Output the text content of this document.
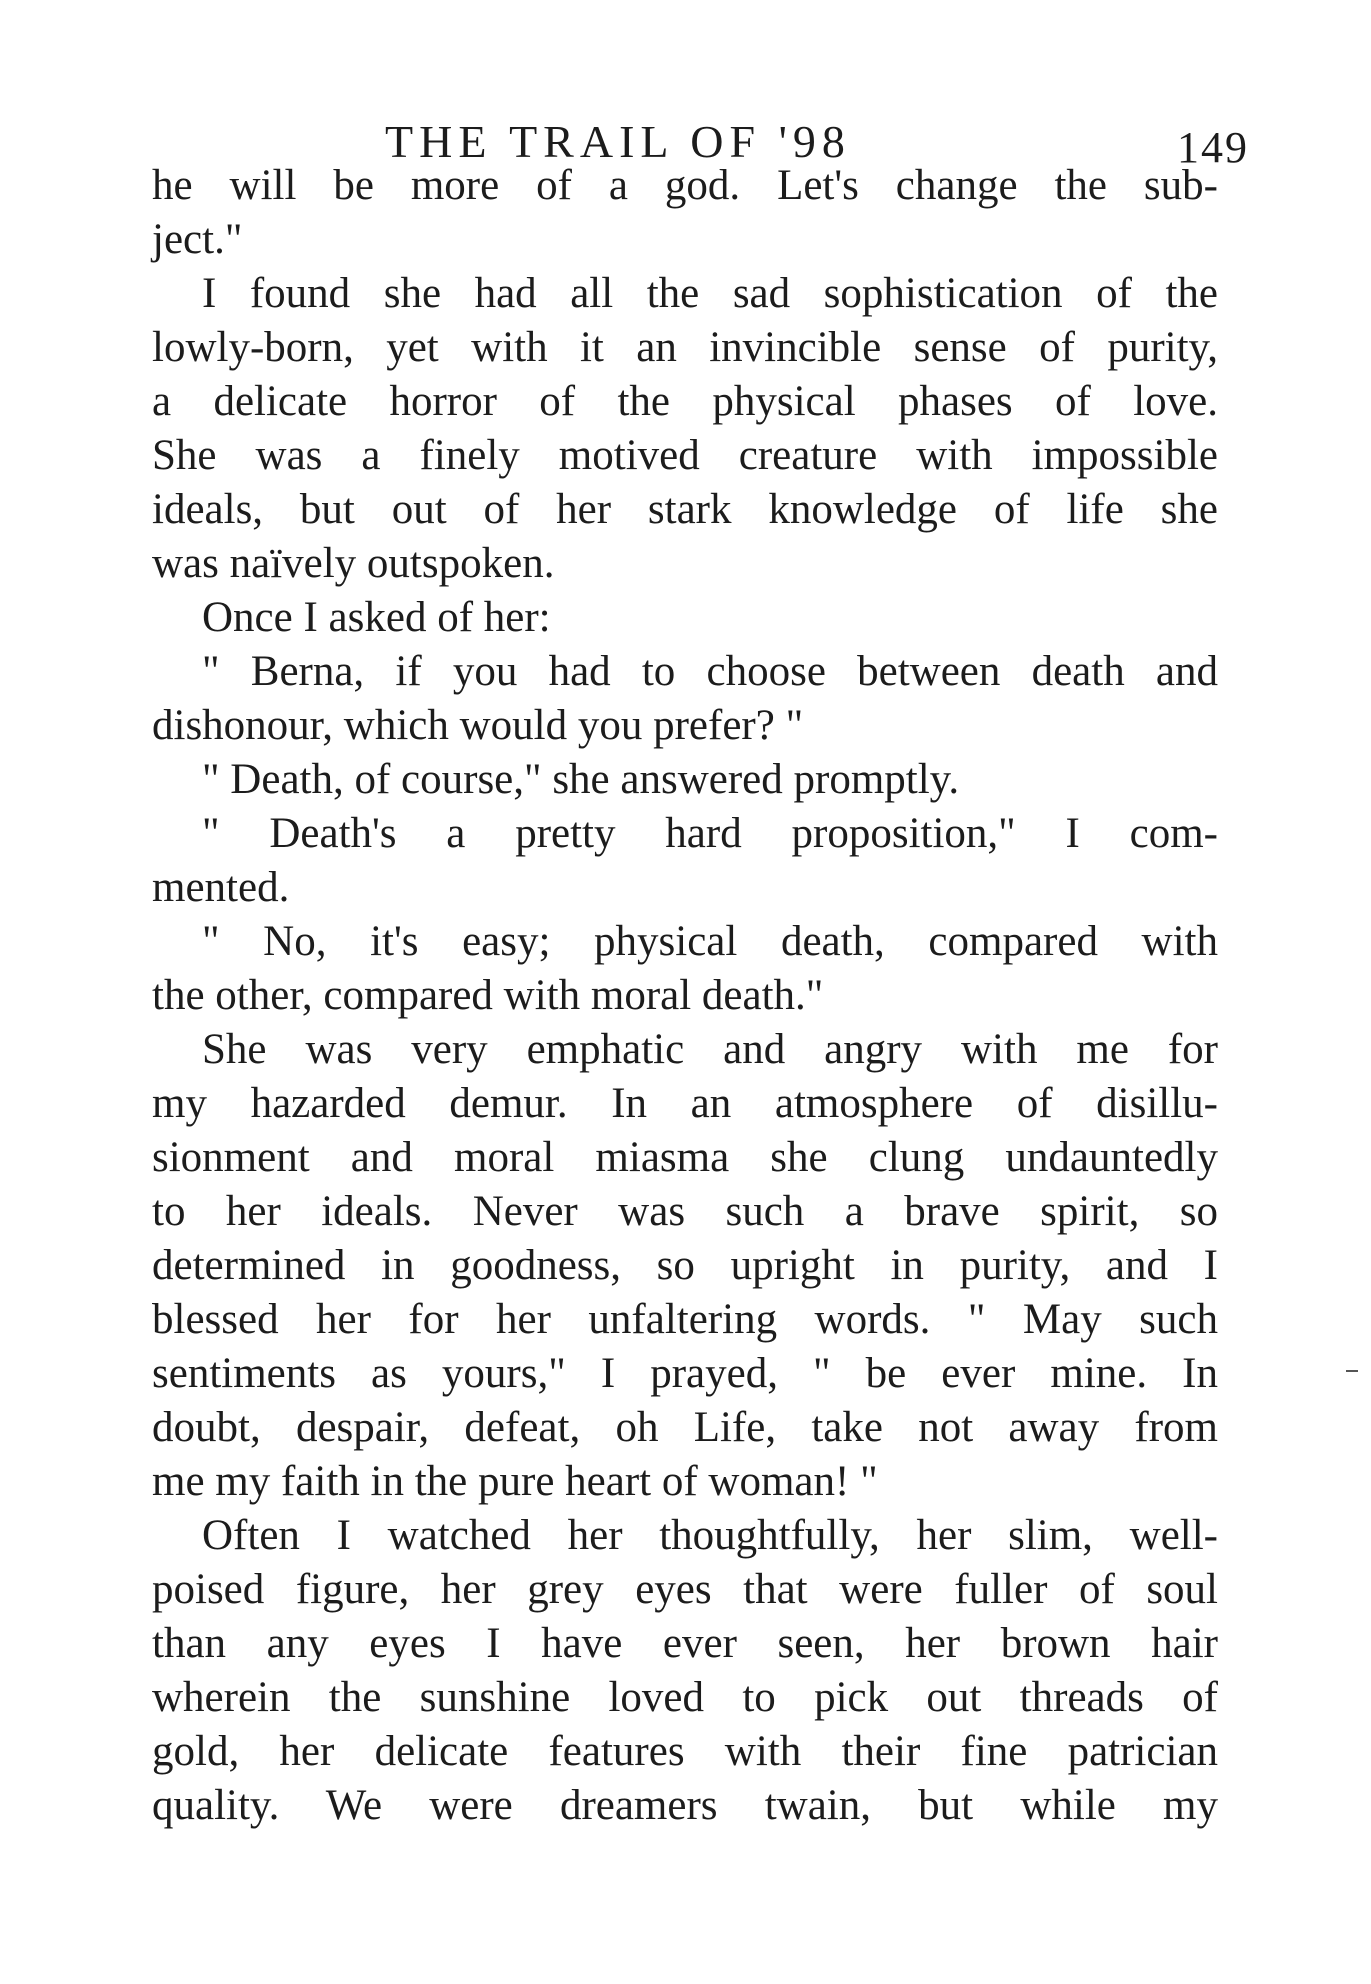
THE TRAIL OF '98	149
he will be more of a god. Let's change the sub-
ject."
I found she had all the sad sophistication of the
lowly-born, yet with it an invincible sense of purity,
a delicate horror of the physical phases of love.
She was a finely motived creature with impossible
ideals, but out of her stark knowledge of life she
was naïvely outspoken.
Once I asked of her:
" Berna, if you had to choose between death and
dishonour, which would you prefer? "
" Death, of course," she answered promptly.
" Death's a pretty hard proposition," I com-
mented.
" No, it's easy; physical death, compared with
the other, compared with moral death."
She was very emphatic and angry with me for
my hazarded demur. In an atmosphere of disillu-
sionment and moral miasma she clung undauntedly
to her ideals. Never was such a brave spirit, so
determined in goodness, so upright in purity, and I
blessed her for her unfaltering words. " May such
sentiments as yours," I prayed, " be ever mine. In
doubt, despair, defeat, oh Life, take not away from
me my faith in the pure heart of woman! "
Often I watched her thoughtfully, her slim, well-
poised figure, her grey eyes that were fuller of soul
than any eyes I have ever seen, her brown hair
wherein the sunshine loved to pick out threads of
gold, her delicate features with their fine patrician
quality. We were dreamers twain, but while my
